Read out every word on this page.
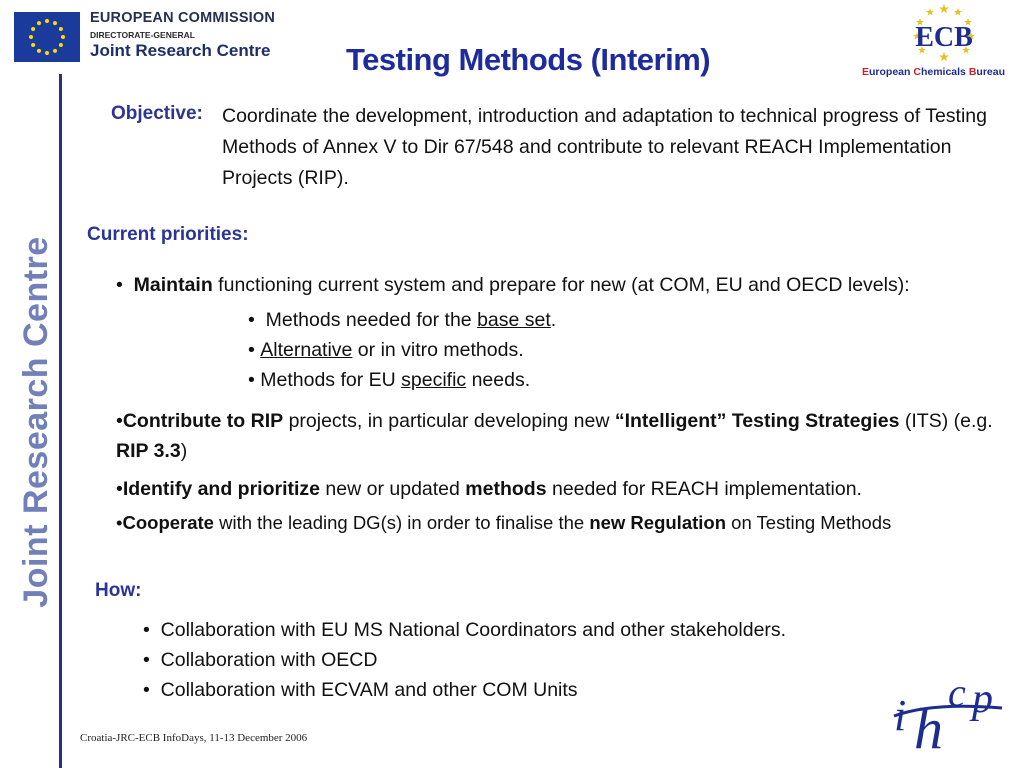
EUROPEAN COMMISSION
DIRECTORATE-GENERAL
Joint Research Centre Testing Methods (Interim)
ECB
European Chemicals Bureau
Joint Research Centre
Objective: Coordinate the development, introduction and adaptation to technical progress of Testing Methods of Annex V to Dir 67/548 and contribute to relevant REACH Implementation Projects (RIP).
Current priorities:
•  Maintain functioning current system and prepare for new (at COM, EU and OECD levels):
•  Methods needed for the base set.
• Alternative or in vitro methods.
• Methods for EU specific needs.
•Contribute to RIP projects, in particular developing new “Intelligent” Testing Strategies (ITS) (e.g. RIP 3.3)
•Identify and prioritize new or updated methods needed for REACH implementation.
•Cooperate with the leading DG(s) in order to finalise the new Regulation on Testing Methods
How:
•  Collaboration with EU MS National Coordinators and other stakeholders.
•  Collaboration with OECD
•  Collaboration with ECVAM and other COM Units
Croatia-JRC-ECB InfoDays, 11-13 December 2006	i h
c p
